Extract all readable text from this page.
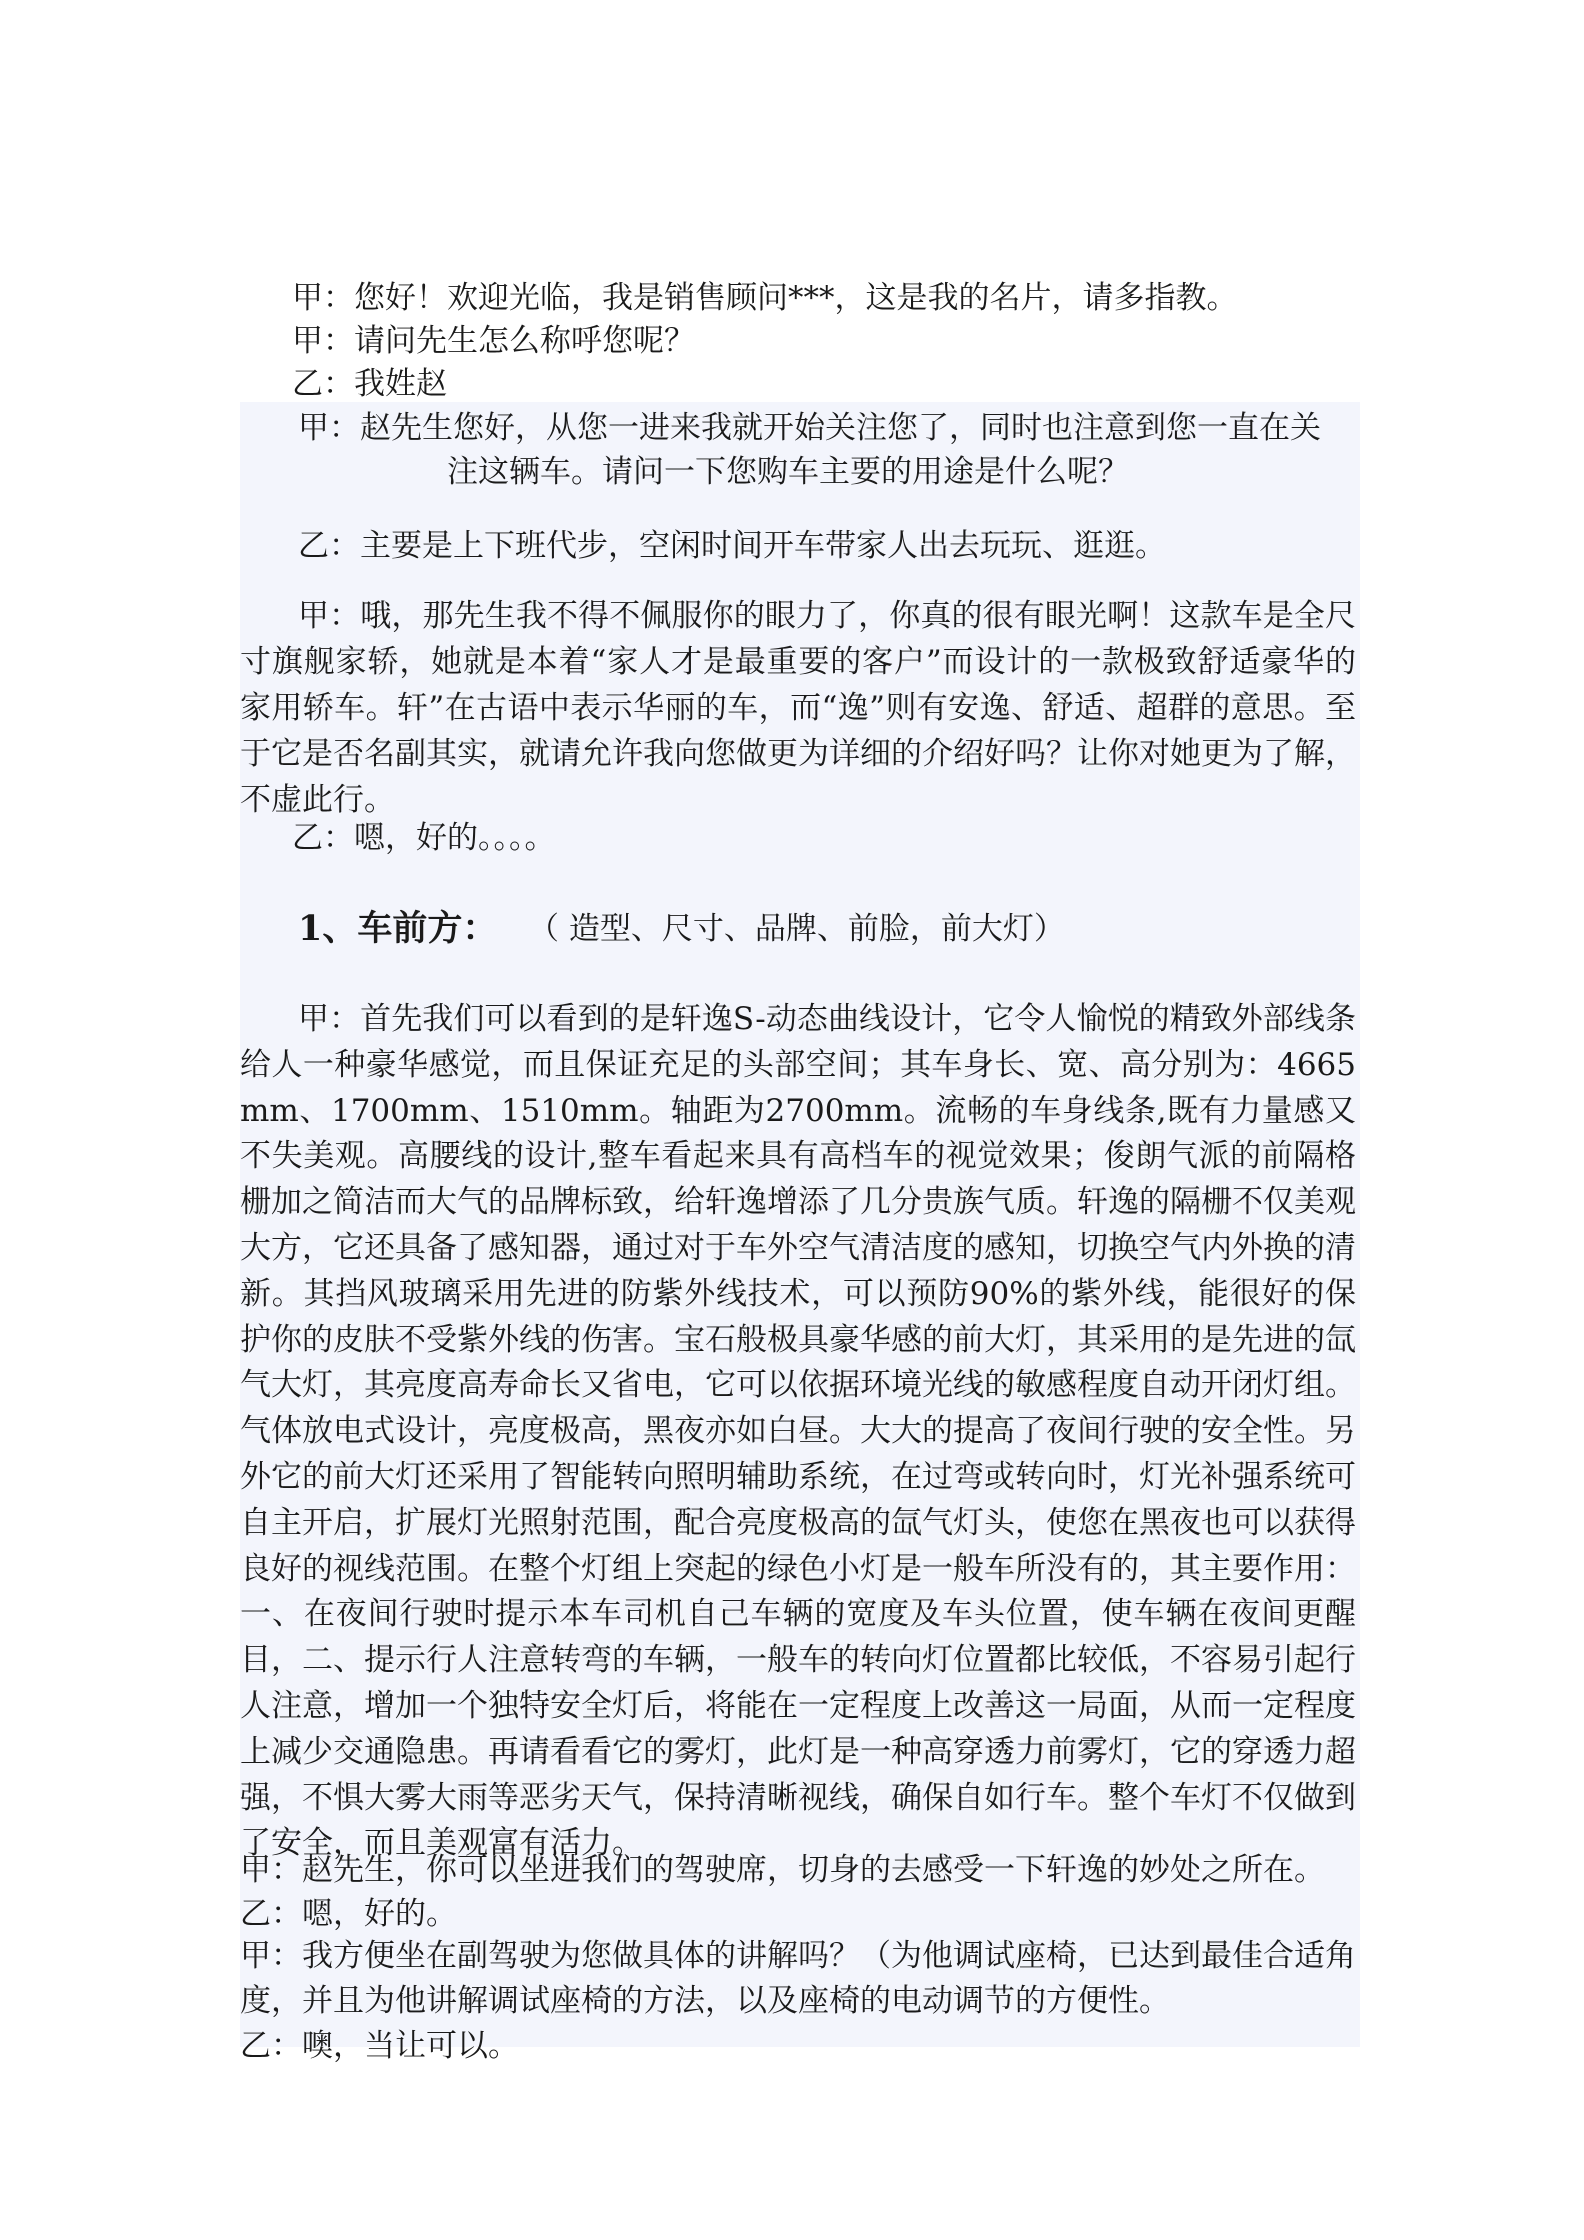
甲：您好！欢迎光临，我是销售顾问***，这是我的名片，请多指教。
甲：请问先生怎么称呼您呢？
乙：我姓赵
甲：赵先生您好，从您一进来我就开始关注您了，同时也注意到您一直在关
注这辆车。请问一下您购车主要的用途是什么呢？
乙：主要是上下班代步，空闲时间开车带家人出去玩玩、逛逛。
甲：哦，那先生我不得不佩服你的眼力了，你真的很有眼光啊！这款车是全尺寸旗舰家轿，她就是本着“家人才是最重要的客户”而设计的一款极致舒适豪华的家用轿车。轩”在古语中表示华丽的车，而“逸”则有安逸、舒适、超群的意思。至于它是否名副其实，就请允许我向您做更为详细的介绍好吗？让你对她更为了解，不虚此行。
乙：嗯，好的。。。。
1、车前方： （ 造型、尺寸、品牌、前脸，前大灯）
甲：首先我们可以看到的是轩逸S-动态曲线设计，它令人愉悦的精致外部线条给人一种豪华感觉，而且保证充足的头部空间；其车身长、宽、高分别为：4665mm、1700mm、1510mm。轴距为2700mm。流畅的车身线条,既有力量感又不失美观。高腰线的设计,整车看起来具有高档车的视觉效果；俊朗气派的前隔格栅加之简洁而大气的品牌标致，给轩逸增添了几分贵族气质。轩逸的隔栅不仅美观大方，它还具备了感知器，通过对于车外空气清洁度的感知，切换空气内外换的清新。其挡风玻璃采用先进的防紫外线技术，可以预防90%的紫外线，能很好的保护你的皮肤不受紫外线的伤害。宝石般极具豪华感的前大灯，其采用的是先进的氙气大灯，其亮度高寿命长又省电，它可以依据环境光线的敏感程度自动开闭灯组。气体放电式设计，亮度极高，黑夜亦如白昼。大大的提高了夜间行驶的安全性。另外它的前大灯还采用了智能转向照明辅助系统，在过弯或转向时，灯光补强系统可自主开启，扩展灯光照射范围，配合亮度极高的氙气灯头，使您在黑夜也可以获得良好的视线范围。在整个灯组上突起的绿色小灯是一般车所没有的，其主要作用：一、在夜间行驶时提示本车司机自己车辆的宽度及车头位置，使车辆在夜间更醒目，二、提示行人注意转弯的车辆，一般车的转向灯位置都比较低，不容易引起行人注意，增加一个独特安全灯后，将能在一定程度上改善这一局面，从而一定程度上减少交通隐患。再请看看它的雾灯，此灯是一种高穿透力前雾灯，它的穿透力超强，不惧大雾大雨等恶劣天气，保持清晰视线，确保自如行车。整个车灯不仅做到了安全，而且美观富有活力。
甲：赵先生，你可以坐进我们的驾驶席，切身的去感受一下轩逸的妙处之所在。
乙：嗯，好的。
甲：我方便坐在副驾驶为您做具体的讲解吗？（为他调试座椅，已达到最佳合适角度，并且为他讲解调试座椅的方法，以及座椅的电动调节的方便性。
乙：噢，当让可以。
